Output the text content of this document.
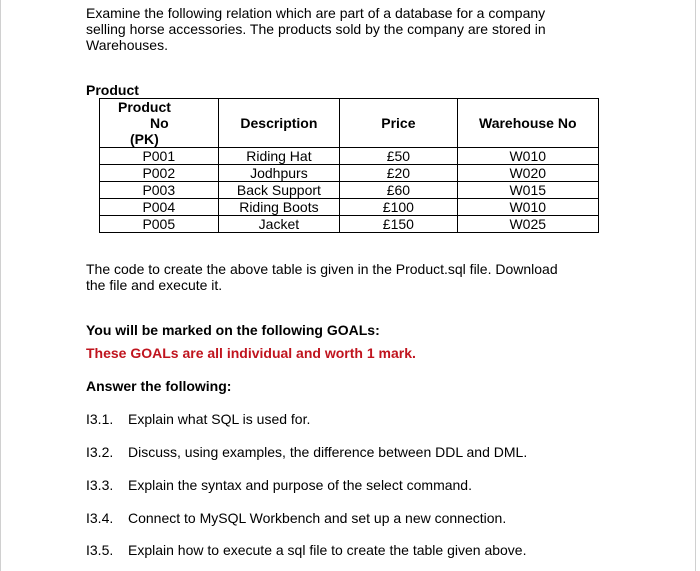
Examine the following relation which are part of a database for a company selling horse accessories. The products sold by the company are stored in Warehouses.
Product
Product
No
(PK)	Description	Price	Warehouse No
P001	Riding Hat	£50	W010
P002	Jodhpurs	£20	W020
P003	Back Support	£60	W015
P004	Riding Boots	£100	W010
P005	Jacket	£150	W025
The code to create the above table is given in the Product.sql file. Download the file and execute it.
You will be marked on the following GOALs:
These GOALs are all individual and worth 1 mark.
Answer the following:
I3.1. Explain what SQL is used for.
I3.2. Discuss, using examples, the difference between DDL and DML.
I3.3. Explain the syntax and purpose of the select command.
I3.4. Connect to MySQL Workbench and set up a new connection.
I3.5. Explain how to execute a sql file to create the table given above.
